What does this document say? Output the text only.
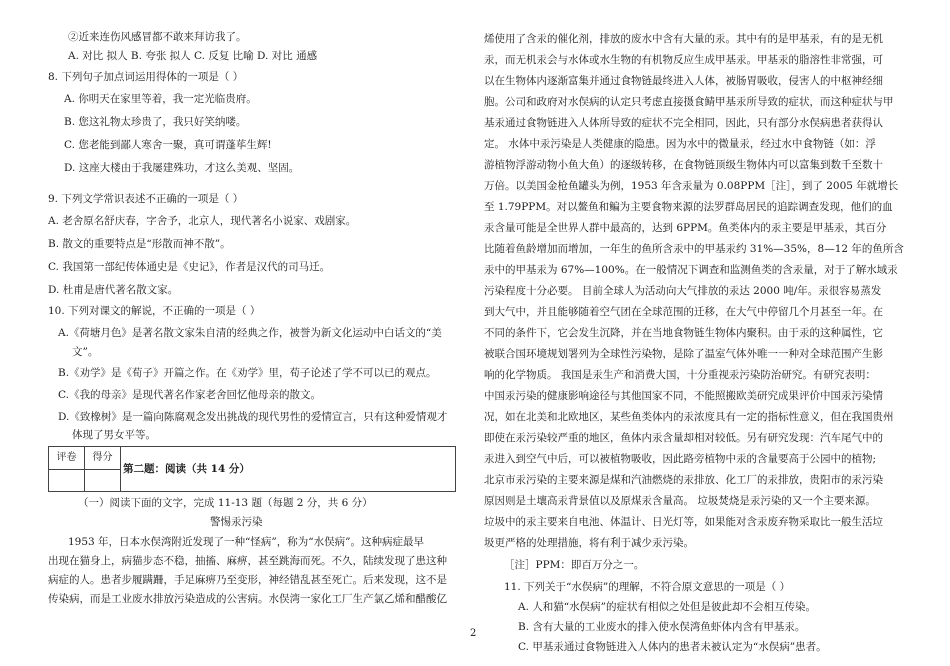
②近来连伤风感冒都不敢来拜访我了。
A. 对比 拟人 B. 夸张 拟人 C. 反复 比喻 D. 对比 通感
8. 下列句子加点词运用得体的一项是（ ）
A. 你明天在家里等着，我一定光临贵府。
B. 您这礼物太珍贵了，我只好笑纳喽。
C. 您老能到鄙人寒舍一聚，真可谓蓬荜生辉!
D. 这座大楼由于我屡建殊功，才这么美观、坚固。
9. 下列文学常识表述不正确的一项是（ ）
A. 老舍原名舒庆春，字舍予，北京人，现代著名小说家、戏剧家。
B. 散文的重要特点是“形散而神不散”。
C. 我国第一部纪传体通史是《史记》，作者是汉代的司马迁。
D. 杜甫是唐代著名散文家。
10. 下列对课文的解说，不正确的一项是（ ）
A.《荷塘月色》是著名散文家朱自清的经典之作，被誉为新文化运动中白话文的“美
文”。
B.《劝学》是《荀子》开篇之作。在《劝学》里，荀子论述了学不可以已的观点。
C.《我的母亲》是现代著名作家老舍回忆他母亲的散文。
D.《致橡树》是一篇向陈腐观念发出挑战的现代男性的爱情宣言，只有这种爱情观才
体现了男女平等。
（一）阅读下面的文字，完成 11-13 题（每题 2 分，共 6 分）
警惕汞污染
1953 年，日本水俣湾附近发现了一种“怪病”，称为“水俣病”。这种病症最早
出现在猫身上，病猫步态不稳，抽搐、麻痹，甚至跳海而死。不久，陆续发现了患这种
病症的人。患者步履蹒跚，手足麻痹乃至变形，神经错乱甚至死亡。后来发现，这不是
传染病，而是工业废水排放污染造成的公害病。水俣湾一家化工厂生产氯乙烯和醋酸亿
评卷	得分
第二题：阅读（共 14 分）
烯使用了含汞的催化剂，排放的废水中含有大量的汞。其中有的是甲基汞，有的是无机
汞，而无机汞会与水体或水生物的有机物反应生成甲基汞。甲基汞的脂溶性非常强，可
以在生物体内逐渐富集并通过食物链最终进入人体，被肠胃吸收，侵害人的中枢神经细
胞。公司和政府对水俣病的认定只考虑直接摄食鲭甲基汞所导致的症状，而这种症状与甲
基汞通过食物链进入人体所导致的症状不完全相同，因此，只有部分水俣病患者获得认
定。 水体中汞污染是人类健康的隐患。因为水中的微量汞，经过水中食物链（如：浮
游植物浮游动物小鱼大鱼）的逐级转移，在食物链顶级生物体内可以富集到数千至数十
万倍。以美国金枪鱼罐头为例，1953 年含汞量为 0.08PPM［注］，到了 2005 年就增长
至 1.79PPM。对以鳌鱼和鳊为主要食物来源的法罗群岛居民的追踪调查发现，他们的血
汞含量可能是全世界人群中最高的，达到 6PPM。鱼类体内的汞主要是甲基汞，其百分
比随着鱼龄增加而增加，一年生的鱼所含汞中的甲基汞约 31%—35%，8—12 年的鱼所含
汞中的甲基汞为 67%—100%。在一般情况下调查和监测鱼类的含汞量，对于了解水域汞
污染程度十分必要。 目前全球人为活动向大气排放的汞达 2000 吨/年。汞很容易蒸发
到大气中，并且能够随着空气团在全球范围的迁移，在大气中停留几个月甚至一年。在
不同的条件下，它会发生沉降，并在当地食物链生物体内聚积。由于汞的这种属性，它
被联合国环境规划署列为全球性污染物，是除了温室气体外唯一一种对全球范围产生影
响的化学物质。 我国是汞生产和消费大国，十分重视汞污染防治研究。有研究表明：
中国汞污染的健康影响途径与其他国家不同，不能照搬欧美研究成果评价中国汞污染情
况，如在北美和北欧地区，某些鱼类体内的汞浓度具有一定的指标性意义，但在我国贵州
即使在汞污染较严重的地区，鱼体内汞含量却相对较低。另有研究发现：汽车尾气中的
汞进入到空气中后，可以被植物吸收，因此路旁植物中汞的含量要高于公园中的植物;
北京市汞污染的主要来源是煤和汽油燃烧的汞排放、化工厂的汞排放，贵阳市的汞污染
原因则是土壤高汞背景值以及原煤汞含量高。 垃圾焚烧是汞污染的又一个主要来源。
垃圾中的汞主要来自电池、体温计、日光灯等，如果能对含汞废弃物采取比一般生活垃
圾更严格的处理措施，将有利于减少汞污染。
［注］PPM：即百万分之一。
11. 下列关于“水俣病”的理解，不符合原文意思的一项是（ ）
A. 人和猫“水俣病”的症状有相似之处但是彼此却不会相互传染。
B. 含有大量的工业废水的排入使水俣湾鱼虾体内含有甲基汞。
C. 甲基汞通过食物链进入人体内的患者未被认定为“水俣病”患者。
2
